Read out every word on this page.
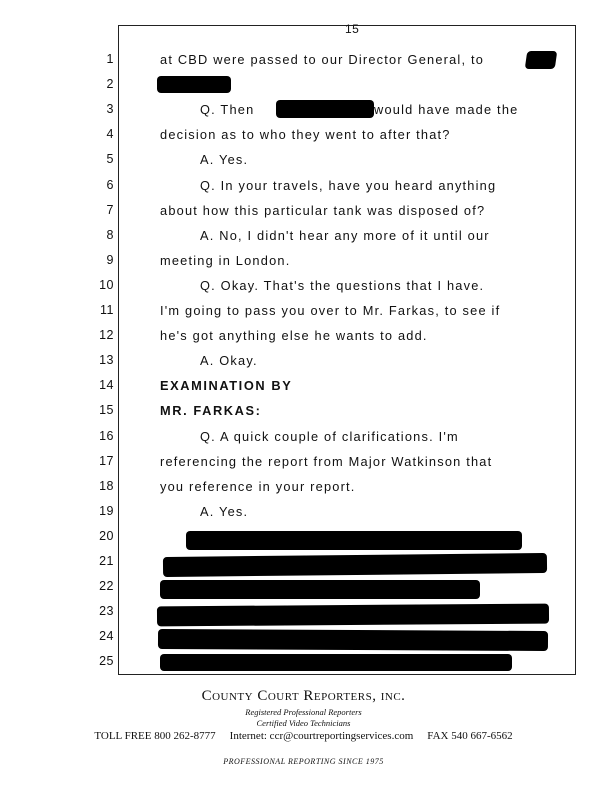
15
1	at CBD were passed to our Director General, to
2
3	Q. Then	would have made the
4	decision as to who they went to after that?
5	A. Yes.
6	Q. In your travels, have you heard anything
7	about how this particular tank was disposed of?
8	A. No, I didn't hear any more of it until our
9	meeting in London.
10	Q. Okay. That's the questions that I have.
11	I'm going to pass you over to Mr. Farkas, to see if
12	he's got anything else he wants to add.
13	A. Okay.
14	EXAMINATION BY
15	MR. FARKAS:
16	Q. A quick couple of clarifications. I'm
17	referencing the report from Major Watkinson that
18	you reference in your report.
19	A. Yes.
20
21
22
23
24
25
County Court Reporters, inc.
Registered Professional Reporters
Certified Video Technicians
TOLL FREE 800 262-8777 Internet: ccr@courtreportingservices.com FAX 540 667-6562
PROFESSIONAL REPORTING SINCE 1975
